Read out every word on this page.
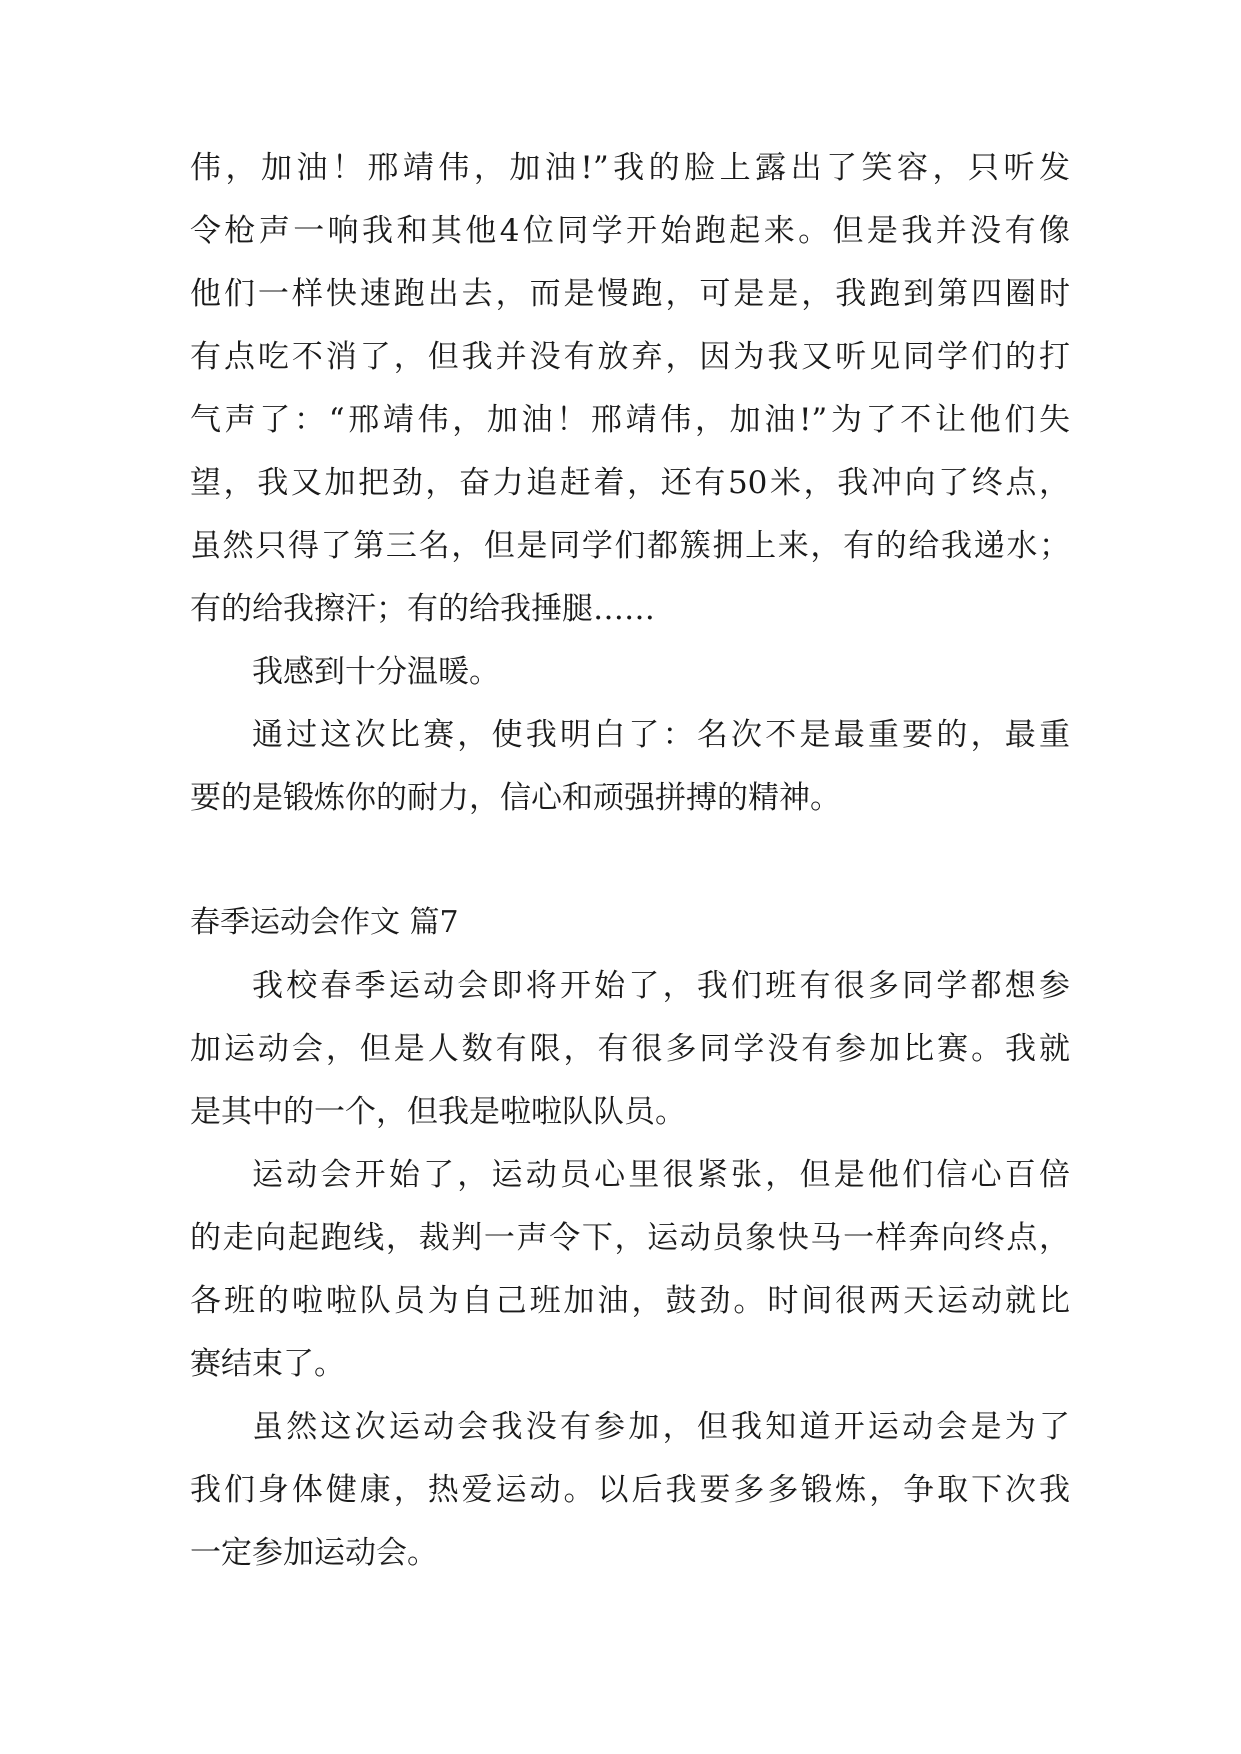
伟，加油！邢靖伟，加油!”我的脸上露出了笑容，只听发
令枪声一响我和其他4位同学开始跑起来。但是我并没有像
他们一样快速跑出去，而是慢跑，可是是，我跑到第四圈时
有点吃不消了，但我并没有放弃，因为我又听见同学们的打
气声了：“邢靖伟，加油！邢靖伟，加油!”为了不让他们失
望，我又加把劲，奋力追赶着，还有50米，我冲向了终点，
虽然只得了第三名，但是同学们都簇拥上来，有的给我递水；
有的给我擦汗；有的给我捶腿……
我感到十分温暖。
通过这次比赛，使我明白了：名次不是最重要的，最重
要的是锻炼你的耐力，信心和顽强拼搏的精神。
春季运动会作文 篇7
我校春季运动会即将开始了，我们班有很多同学都想参
加运动会，但是人数有限，有很多同学没有参加比赛。我就
是其中的一个，但我是啦啦队队员。
运动会开始了，运动员心里很紧张，但是他们信心百倍
的走向起跑线，裁判一声令下，运动员象快马一样奔向终点，
各班的啦啦队员为自己班加油，鼓劲。时间很两天运动就比
赛结束了。
虽然这次运动会我没有参加，但我知道开运动会是为了
我们身体健康，热爱运动。以后我要多多锻炼，争取下次我
一定参加运动会。
